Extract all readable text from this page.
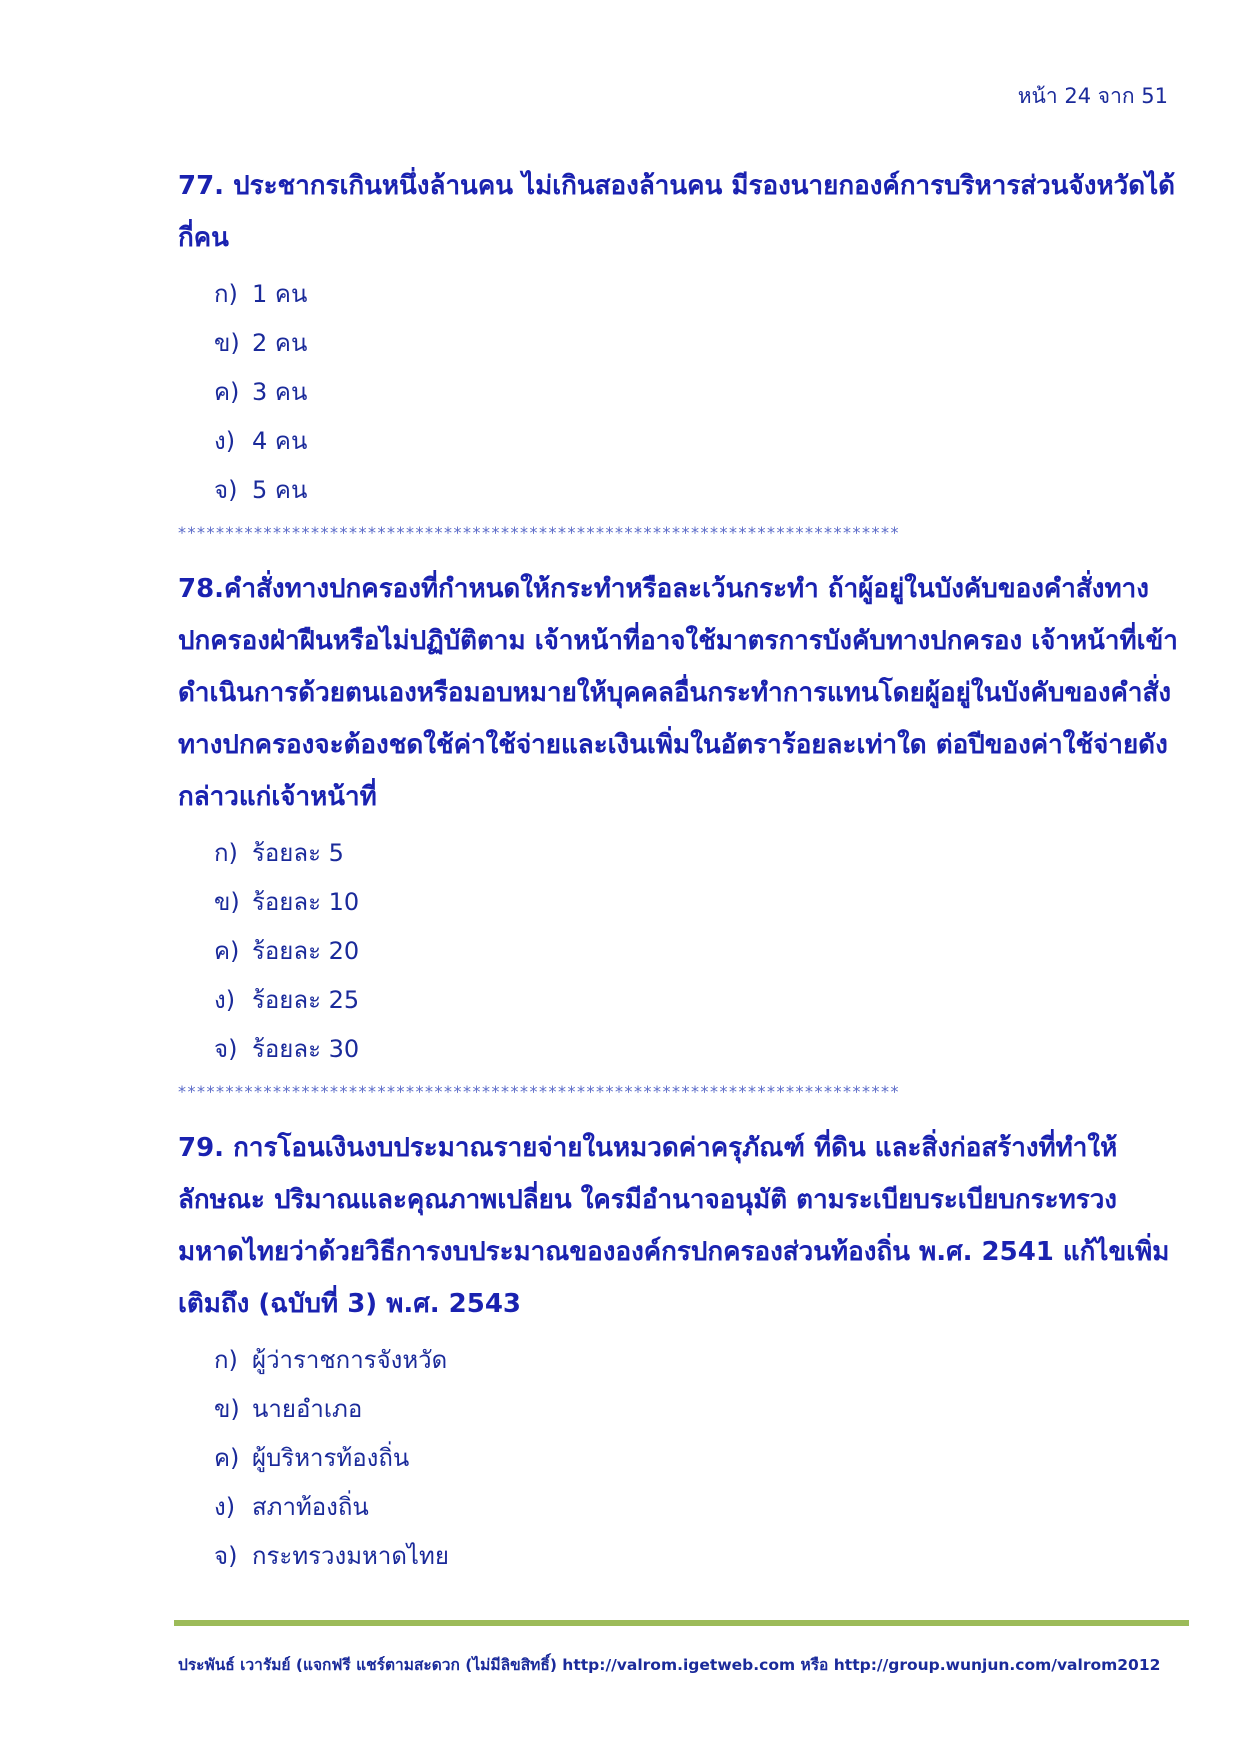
หน้า 24 จาก 51

77. ประชากรเกินหนึ่งล้านคน ไม่เกินสองล้านคน มีรองนายกองค์การบริหารส่วนจังหวัดได้กี่คน

ก) 1 คน
ข) 2 คน
ค) 3 คน
ง) 4 คน
จ) 5 คน
****************************************************************************

78.คำสั่งทางปกครองที่กำหนดให้กระทำหรือละเว้นกระทำ ถ้าผู้อยู่ในบังคับของคำสั่งทางปกครองฝ่าฝืนหรือไม่ปฏิบัติตาม เจ้าหน้าที่อาจใช้มาตรการบังคับทางปกครอง เจ้าหน้าที่เข้าดำเนินการด้วยตนเองหรือมอบหมายให้บุคคลอื่นกระทำการแทนโดยผู้อยู่ในบังคับของคำสั่งทางปกครองจะต้องชดใช้ค่าใช้จ่ายและเงินเพิ่มในอัตราร้อยละเท่าใด ต่อปีของค่าใช้จ่ายดังกล่าวแก่เจ้าหน้าที่

ก) ร้อยละ 5
ข) ร้อยละ 10
ค) ร้อยละ 20
ง) ร้อยละ 25
จ) ร้อยละ 30
****************************************************************************

79. การโอนเงินงบประมาณรายจ่ายในหมวดค่าครุภัณฑ์ ที่ดิน และสิ่งก่อสร้างที่ทำให้ลักษณะ ปริมาณและคุณภาพเปลี่ยน ใครมีอำนาจอนุมัติ ตามระเบียบระเบียบกระทรวงมหาดไทยว่าด้วยวิธีการงบประมาณขององค์กรปกครองส่วนท้องถิ่น พ.ศ. 2541 แก้ไขเพิ่มเติมถึง (ฉบับที่ 3) พ.ศ. 2543

ก) ผู้ว่าราชการจังหวัด
ข) นายอำเภอ
ค) ผู้บริหารท้องถิ่น
ง) สภาท้องถิ่น
จ) กระทรวงมหาดไทย
ประพันธ์ เวารัมย์ (แจกฟรี แชร์ตามสะดวก (ไม่มีลิขสิทธิ์) http://valrom.igetweb.com หรือ http://group.wunjun.com/valrom2012
